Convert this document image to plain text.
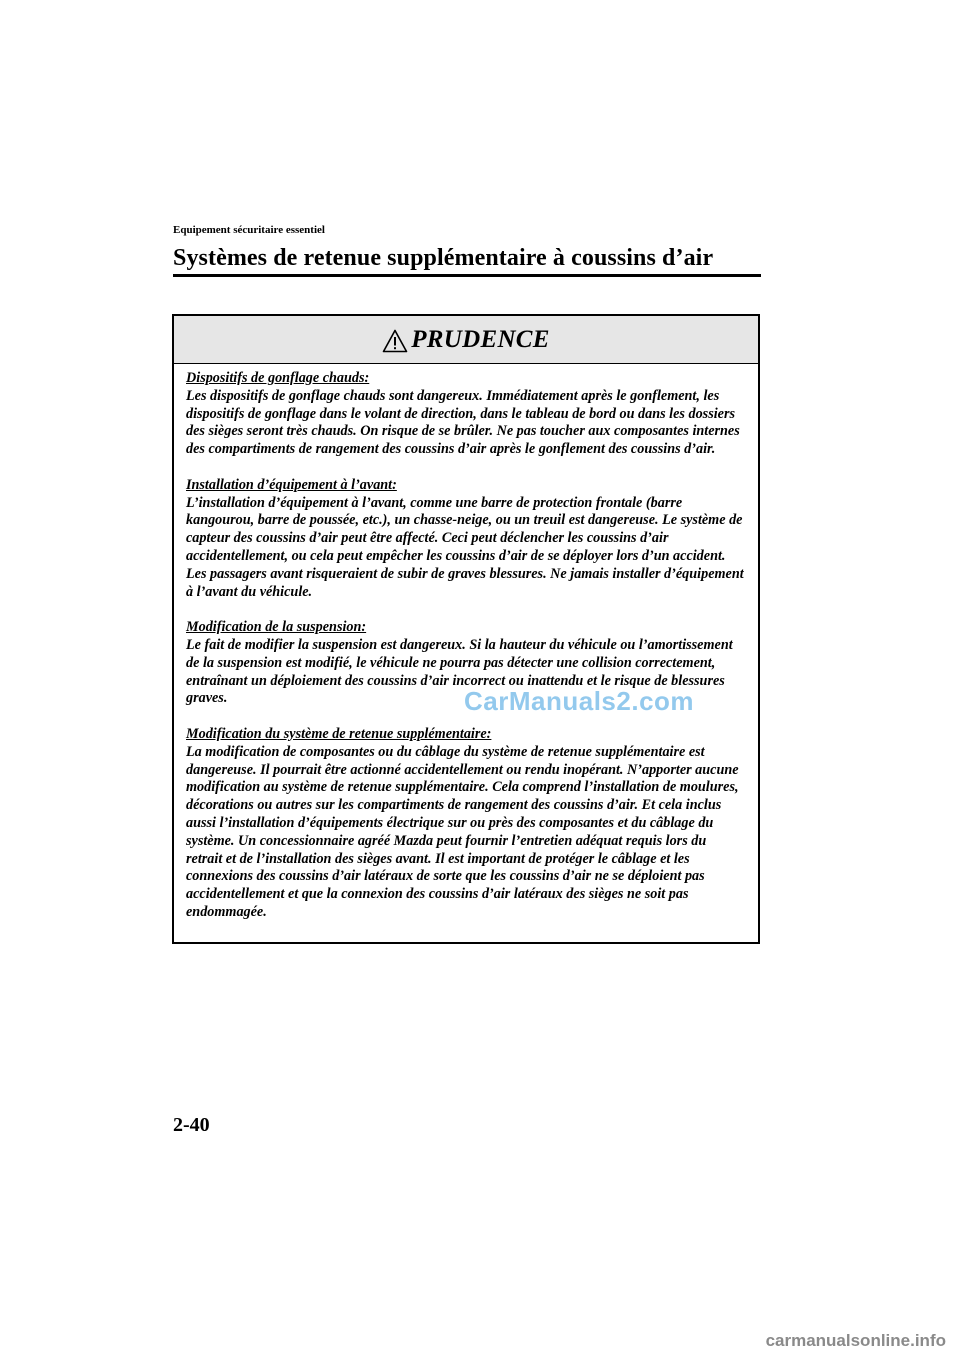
Equipement sécuritaire essentiel

Systèmes de retenue supplémentaire à coussins d’air
PRUDENCE
Dispositifs de gonflage chauds:
Les dispositifs de gonflage chauds sont dangereux. Immédiatement après le gonflement, les dispositifs de gonflage dans le volant de direction, dans le tableau de bord ou dans les dossiers des sièges seront très chauds. On risque de se brûler. Ne pas toucher aux composantes internes des compartiments de rangement des coussins d’air après le gonflement des coussins d’air.
Installation d’équipement à l’avant:
L’installation d’équipement à l’avant, comme une barre de protection frontale (barre kangourou, barre de poussée, etc.), un chasse-neige, ou un treuil est dangereuse. Le système de capteur des coussins d’air peut être affecté. Ceci peut déclencher les coussins d’air accidentellement, ou cela peut empêcher les coussins d’air de se déployer lors d’un accident. Les passagers avant risqueraient de subir de graves blessures. Ne jamais installer d’équipement à l’avant du véhicule.
Modification de la suspension:
Le fait de modifier la suspension est dangereux. Si la hauteur du véhicule ou l’amortissement de la suspension est modifié, le véhicule ne pourra pas détecter une collision correctement, entraînant un déploiement des coussins d’air incorrect ou inattendu et le risque de blessures graves.
Modification du système de retenue supplémentaire:
La modification de composantes ou du câblage du système de retenue supplémentaire est dangereuse. Il pourrait être actionné accidentellement ou rendu inopérant. N’apporter aucune modification au système de retenue supplémentaire. Cela comprend l’installation de moulures, décorations ou autres sur les compartiments de rangement des coussins d’air. Et cela inclus aussi l’installation d’équipements électrique sur ou près des composantes et du câblage du système. Un concessionnaire agréé Mazda peut fournir l’entretien adéquat requis lors du retrait et de l’installation des sièges avant. Il est important de protéger le câblage et les connexions des coussins d’air latéraux de sorte que les coussins d’air ne se déploient pas accidentellement et que la connexion des coussins d’air latéraux des sièges ne soit pas endommagée.
CarManuals2.com

2-40

carmanualsonline.info
